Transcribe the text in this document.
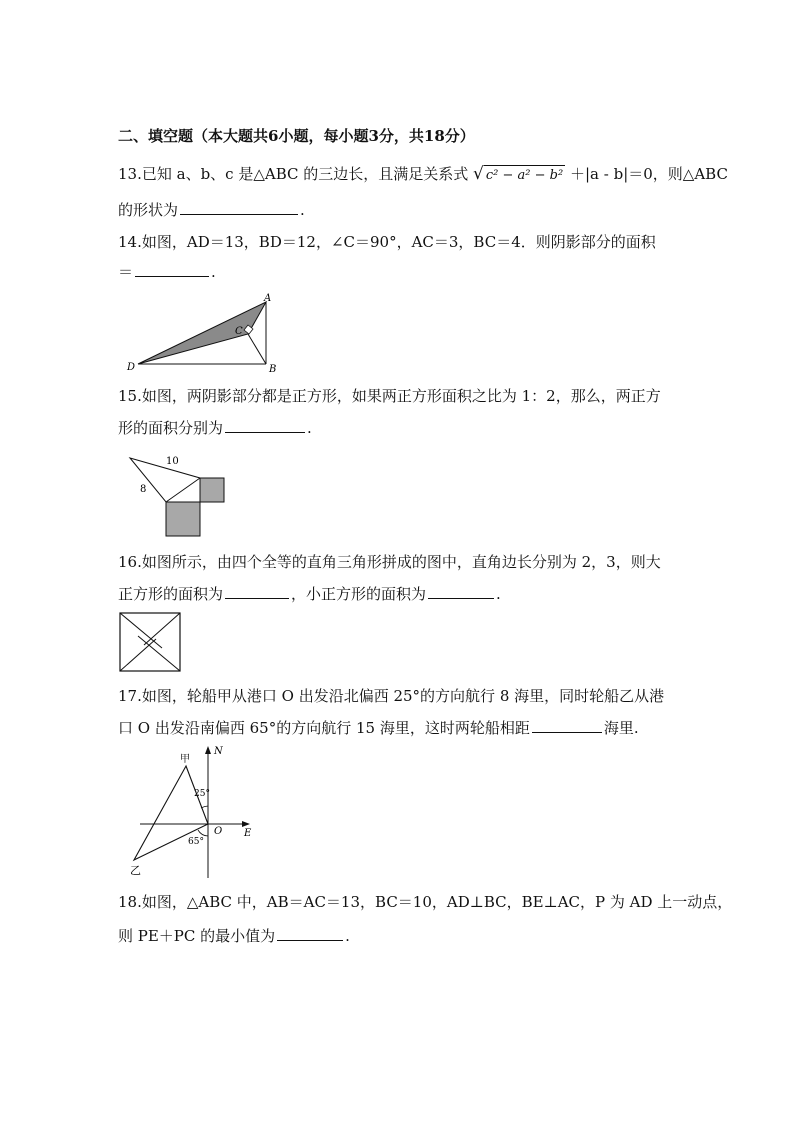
二、填空题（本大题共6小题，每小题3分，共18分）
13.已知 a、b、c 是△ABC 的三边长，且满足关系式 √ c² − a² − b² ＋|a - b|＝0，则△ABC
的形状为	.
14.如图，AD＝13，BD＝12，∠C＝90°，AC＝3，BC＝4．则阴影部分的面积
＝	.
A
B
C
D
15.如图，两阴影部分都是正方形，如果两正方形面积之比为 1：2，那么，两正方
形的面积分别为	.
10
8
16.如图所示，由四个全等的直角三角形拼成的图中，直角边长分别为 2，3，则大
正方形的面积为	，小正方形的面积为	.
17.如图，轮船甲从港口 O 出发沿北偏西 25°的方向航行 8 海里，同时轮船乙从港
口 O 出发沿南偏西 65°的方向航行 15 海里，这时两轮船相距	海里.
甲
乙
N
E
O
25°
65°
18.如图，△ABC 中，AB＝AC＝13，BC＝10，AD⊥BC，BE⊥AC，P 为 AD 上一动点，
则 PE＋PC 的最小值为	.
